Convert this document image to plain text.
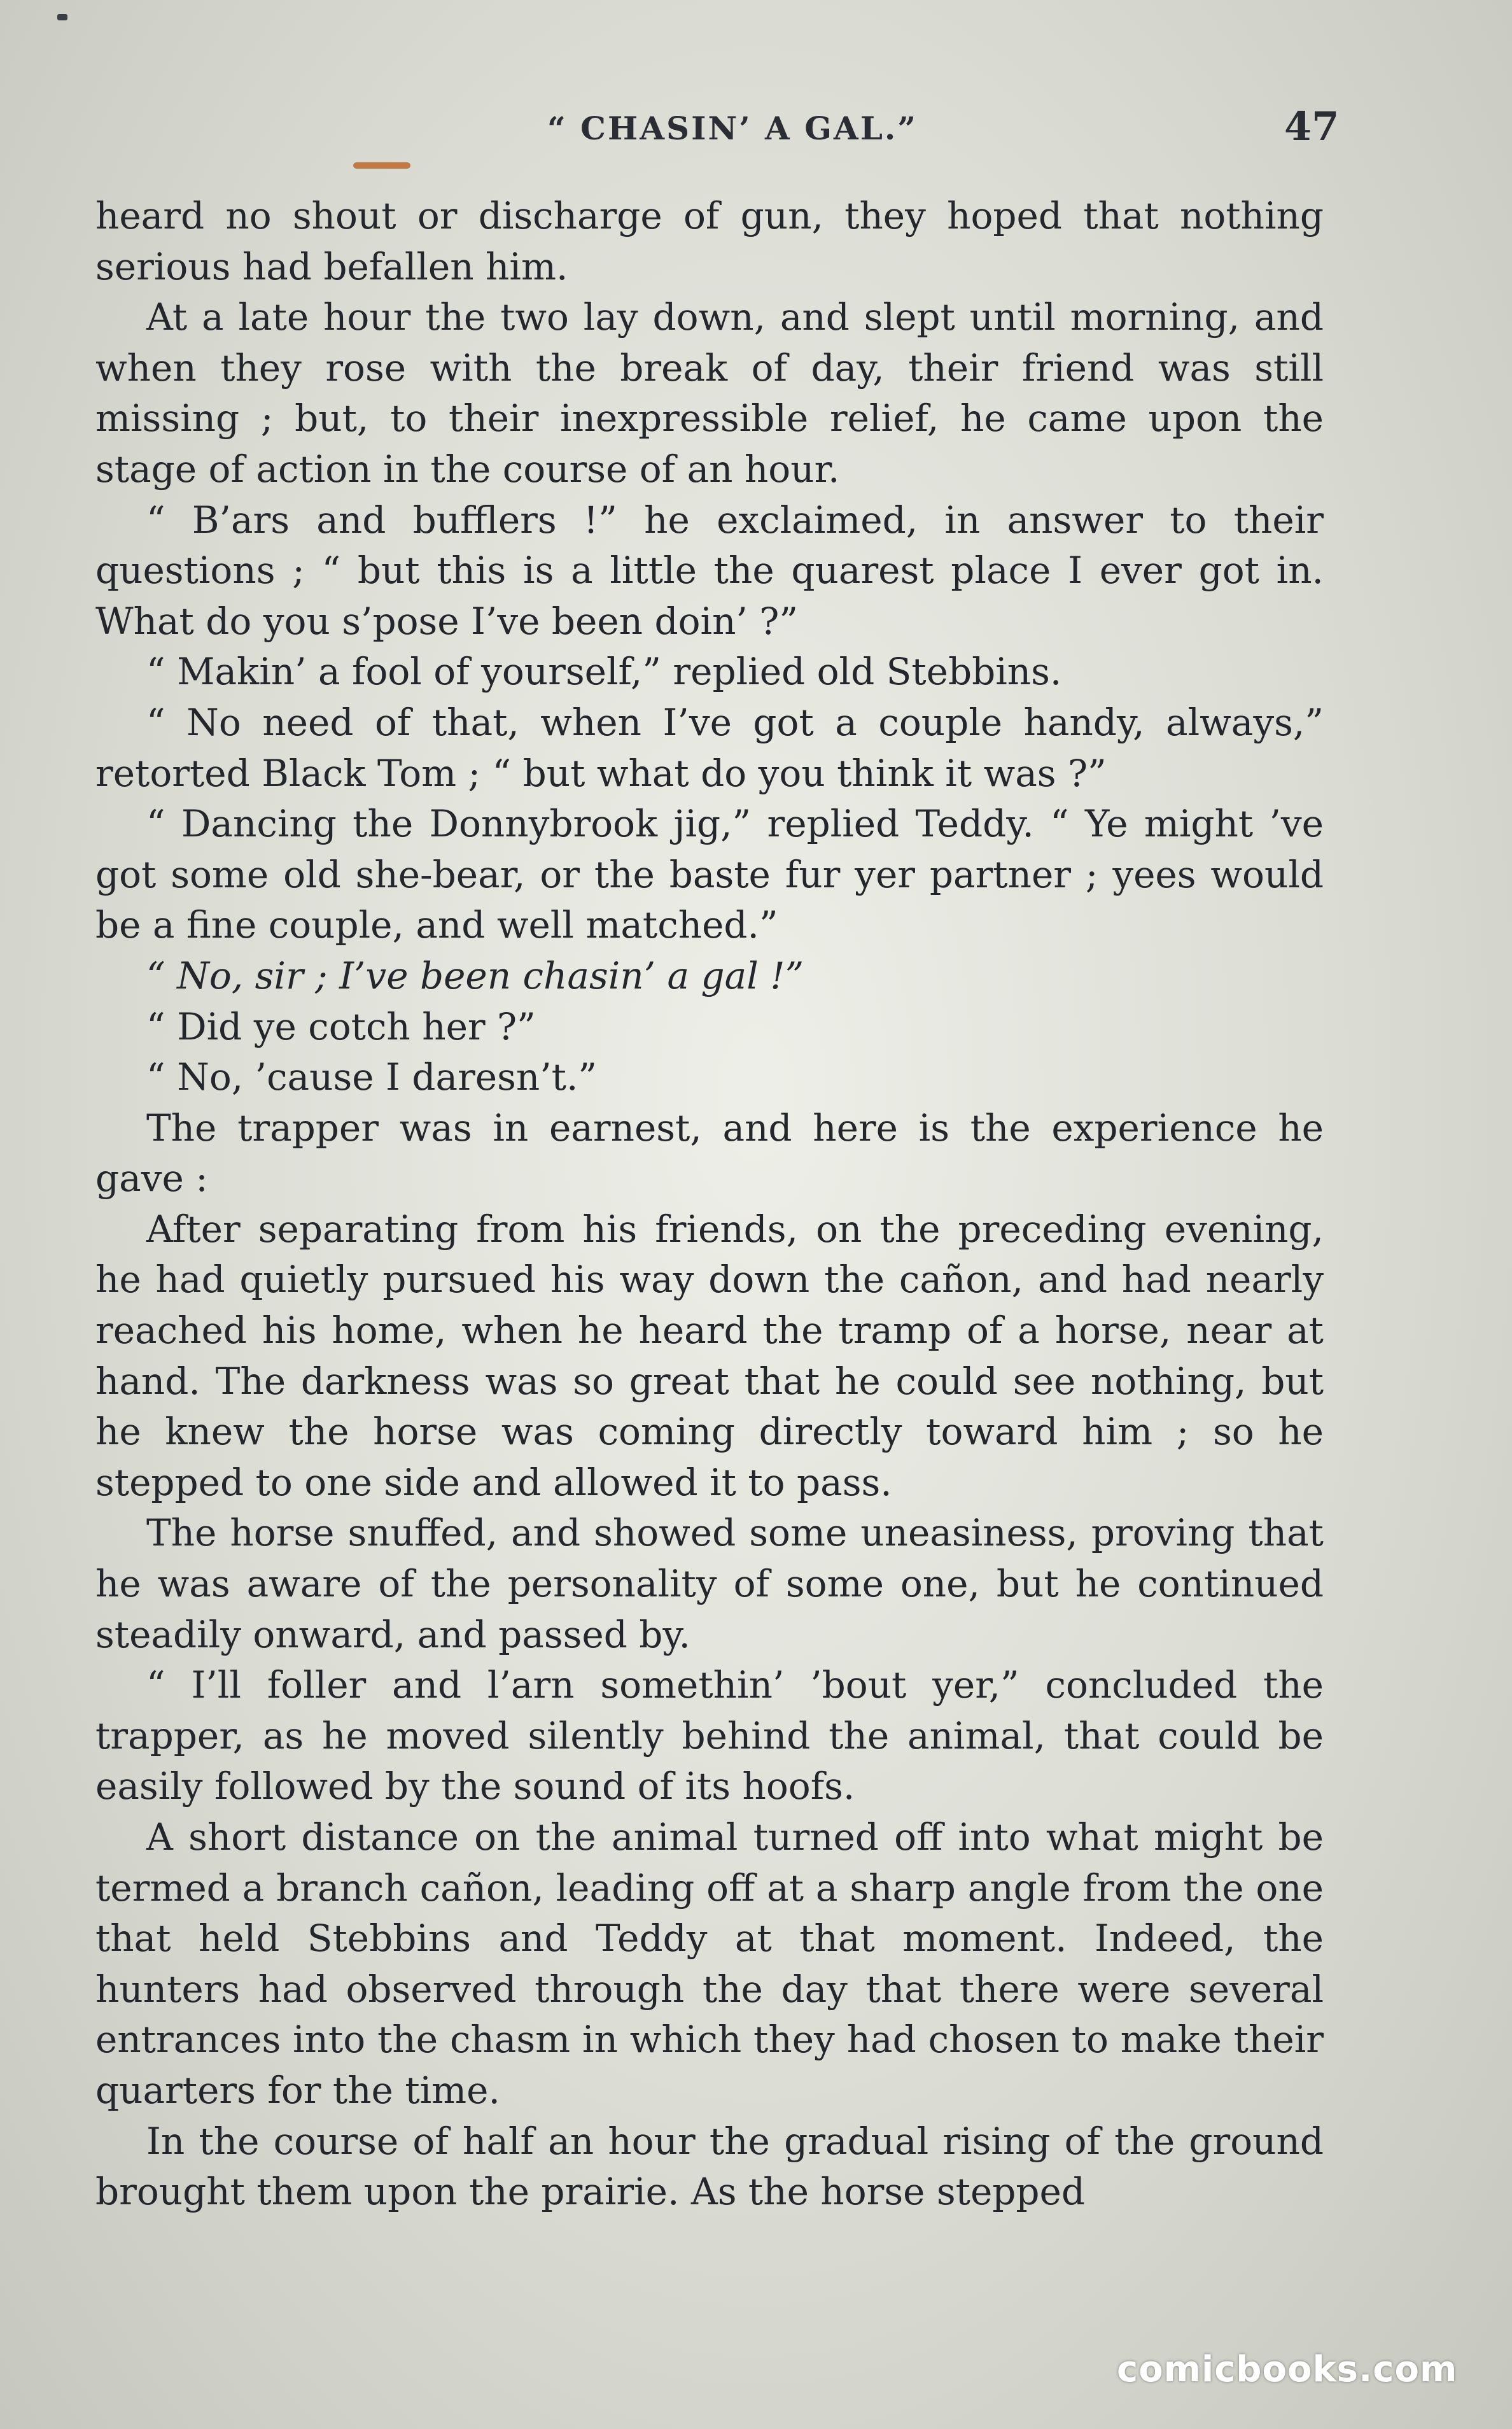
“ CHASIN’ A GAL.”	47

heard no shout or discharge of gun, they hoped that nothing serious had befallen him.

At a late hour the two lay down, and slept until morning, and when they rose with the break of day, their friend was still missing ; but, to their inexpressible relief, he came upon the stage of action in the course of an hour.

“ B’ars and bufflers !” he exclaimed, in answer to their questions ; “ but this is a little the quarest place I ever got in. What do you s’pose I’ve been doin’ ?”

“ Makin’ a fool of yourself,” replied old Stebbins.

“ No need of that, when I’ve got a couple handy, always,” retorted Black Tom ; “ but what do you think it was ?”

“ Dancing the Donnybrook jig,” replied Teddy. “ Ye might ’ve got some old she-bear, or the baste fur yer partner ; yees would be a fine couple, and well matched.”

“ No, sir ; I’ve been chasin’ a gal !”

“ Did ye cotch her ?”

“ No, ’cause I daresn’t.”

The trapper was in earnest, and here is the experience he gave :

After separating from his friends, on the preceding evening, he had quietly pursued his way down the cañon, and had nearly reached his home, when he heard the tramp of a horse, near at hand. The darkness was so great that he could see nothing, but he knew the horse was coming directly toward him ; so he stepped to one side and allowed it to pass.

The horse snuffed, and showed some uneasiness, proving that he was aware of the personality of some one, but he continued steadily onward, and passed by.

“ I’ll foller and l’arn somethin’ ’bout yer,” concluded the trapper, as he moved silently behind the animal, that could be easily followed by the sound of its hoofs.

A short distance on the animal turned off into what might be termed a branch cañon, leading off at a sharp angle from the one that held Stebbins and Teddy at that moment. Indeed, the hunters had observed through the day that there were several entrances into the chasm in which they had chosen to make their quarters for the time.

In the course of half an hour the gradual rising of the ground brought them upon the prairie. As the horse stepped

comicbooks.com
